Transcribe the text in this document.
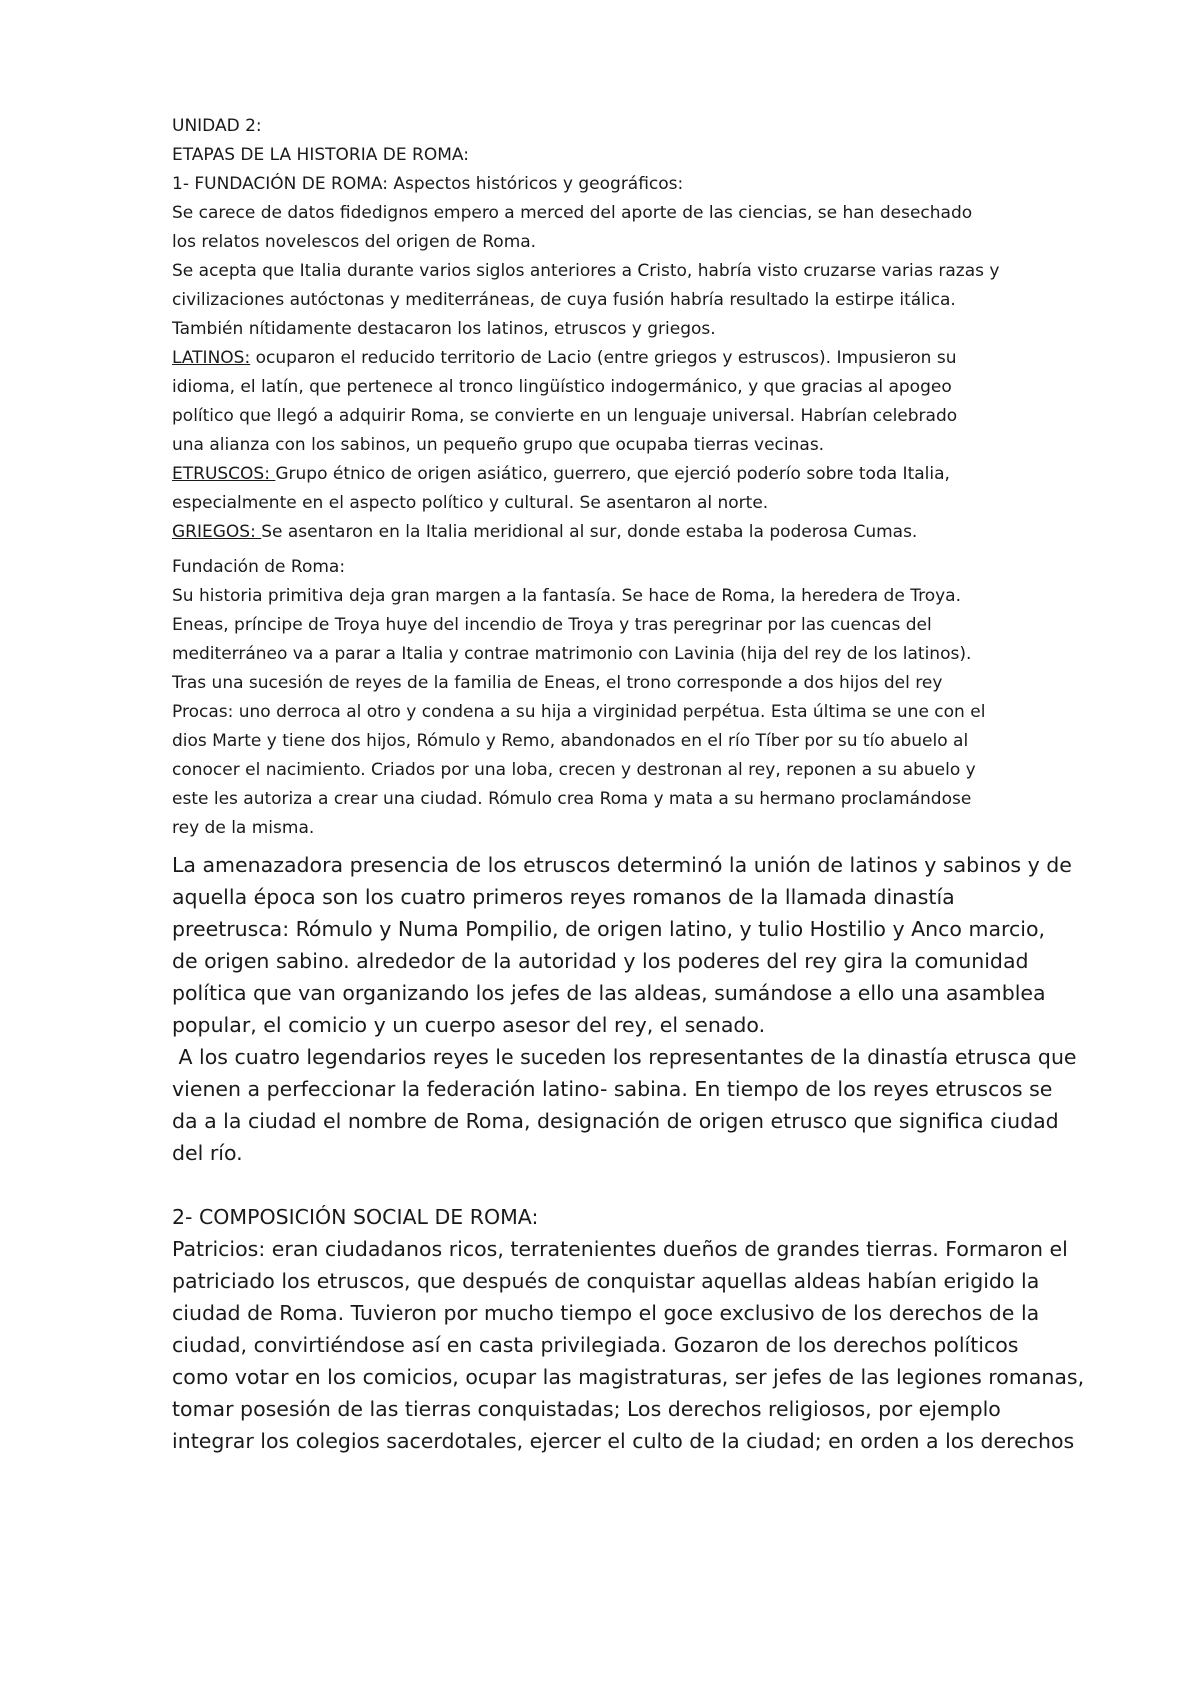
UNIDAD 2:

ETAPAS DE LA HISTORIA DE ROMA:

1- FUNDACIÓN DE ROMA: Aspectos históricos y geográficos:

Se carece de datos fidedignos empero a merced del aporte de las ciencias, se han desechado
los relatos novelescos del origen de Roma.
Se acepta que Italia durante varios siglos anteriores a Cristo, habría visto cruzarse varias razas y
civilizaciones autóctonas y mediterráneas, de cuya fusión habría resultado la estirpe itálica.
También nítidamente destacaron los latinos, etruscos y griegos.

LATINOS: ocuparon el reducido territorio de Lacio (entre griegos y estruscos). Impusieron su
idioma, el latín, que pertenece al tronco lingüístico indogermánico, y que gracias al apogeo
político que llegó a adquirir Roma, se convierte en un lenguaje universal. Habrían celebrado
una alianza con los sabinos, un pequeño grupo que ocupaba tierras vecinas.

ETRUSCOS: Grupo étnico de origen asiático, guerrero, que ejerció poderío sobre toda Italia,
especialmente en el aspecto político y cultural. Se asentaron al norte.

GRIEGOS: Se asentaron en la Italia meridional al sur, donde estaba la poderosa Cumas.

Fundación de Roma:

Su historia primitiva deja gran margen a la fantasía. Se hace de Roma, la heredera de Troya.
Eneas, príncipe de Troya huye del incendio de Troya y tras peregrinar por las cuencas del
mediterráneo va a parar a Italia y contrae matrimonio con Lavinia (hija del rey de los latinos).
Tras una sucesión de reyes de la familia de Eneas, el trono corresponde a dos hijos del rey
Procas: uno derroca al otro y condena a su hija a virginidad perpétua. Esta última se une con el
dios Marte y tiene dos hijos, Rómulo y Remo, abandonados en el río Tíber por su tío abuelo al
conocer el nacimiento. Criados por una loba, crecen y destronan al rey, reponen a su abuelo y
este les autoriza a crear una ciudad. Rómulo crea Roma y mata a su hermano proclamándose
rey de la misma.

La amenazadora presencia de los etruscos determinó la unión de latinos y sabinos y de
aquella época son los cuatro primeros reyes romanos de la llamada dinastía
preetrusca: Rómulo y Numa Pompilio, de origen latino, y tulio Hostilio y Anco marcio,
de origen sabino. alrededor de la autoridad y los poderes del rey gira la comunidad
política que van organizando los jefes de las aldeas, sumándose a ello una asamblea
popular, el comicio y un cuerpo asesor del rey, el senado.
A los cuatro legendarios reyes le suceden los representantes de la dinastía etrusca que
vienen a perfeccionar la federación latino- sabina. En tiempo de los reyes etruscos se
da a la ciudad el nombre de Roma, designación de origen etrusco que significa ciudad
del río.

2- COMPOSICIÓN SOCIAL DE ROMA:

Patricios: eran ciudadanos ricos, terratenientes dueños de grandes tierras. Formaron el
patriciado los etruscos, que después de conquistar aquellas aldeas habían erigido la
ciudad de Roma. Tuvieron por mucho tiempo el goce exclusivo de los derechos de la
ciudad, convirtiéndose así en casta privilegiada. Gozaron de los derechos políticos
como votar en los comicios, ocupar las magistraturas, ser jefes de las legiones romanas,
tomar posesión de las tierras conquistadas; Los derechos religiosos, por ejemplo
integrar los colegios sacerdotales, ejercer el culto de la ciudad; en orden a los derechos
